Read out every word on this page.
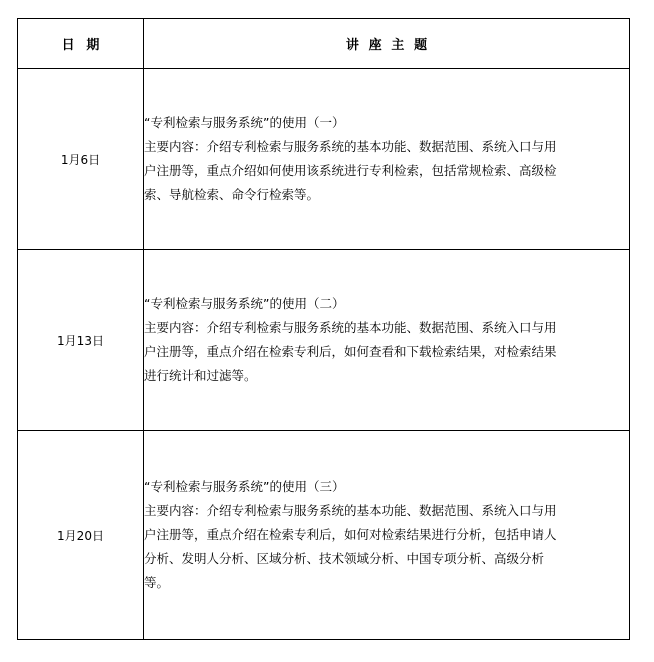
日期	讲座主题
1月6日	“专利检索与服务系统”的使用（一）
主要内容：介绍专利检索与服务系统的基本功能、数据范围、系统入口与用
户注册等，重点介绍如何使用该系统进行专利检索，包括常规检索、高级检
索、导航检索、命令行检索等。

1月13日	“专利检索与服务系统”的使用（二）
主要内容：介绍专利检索与服务系统的基本功能、数据范围、系统入口与用
户注册等，重点介绍在检索专利后，如何查看和下载检索结果，对检索结果
进行统计和过滤等。

1月20日	“专利检索与服务系统”的使用（三）
主要内容：介绍专利检索与服务系统的基本功能、数据范围、系统入口与用
户注册等，重点介绍在检索专利后，如何对检索结果进行分析，包括申请人
分析、发明人分析、区域分析、技术领域分析、中国专项分析、高级分析
等。
